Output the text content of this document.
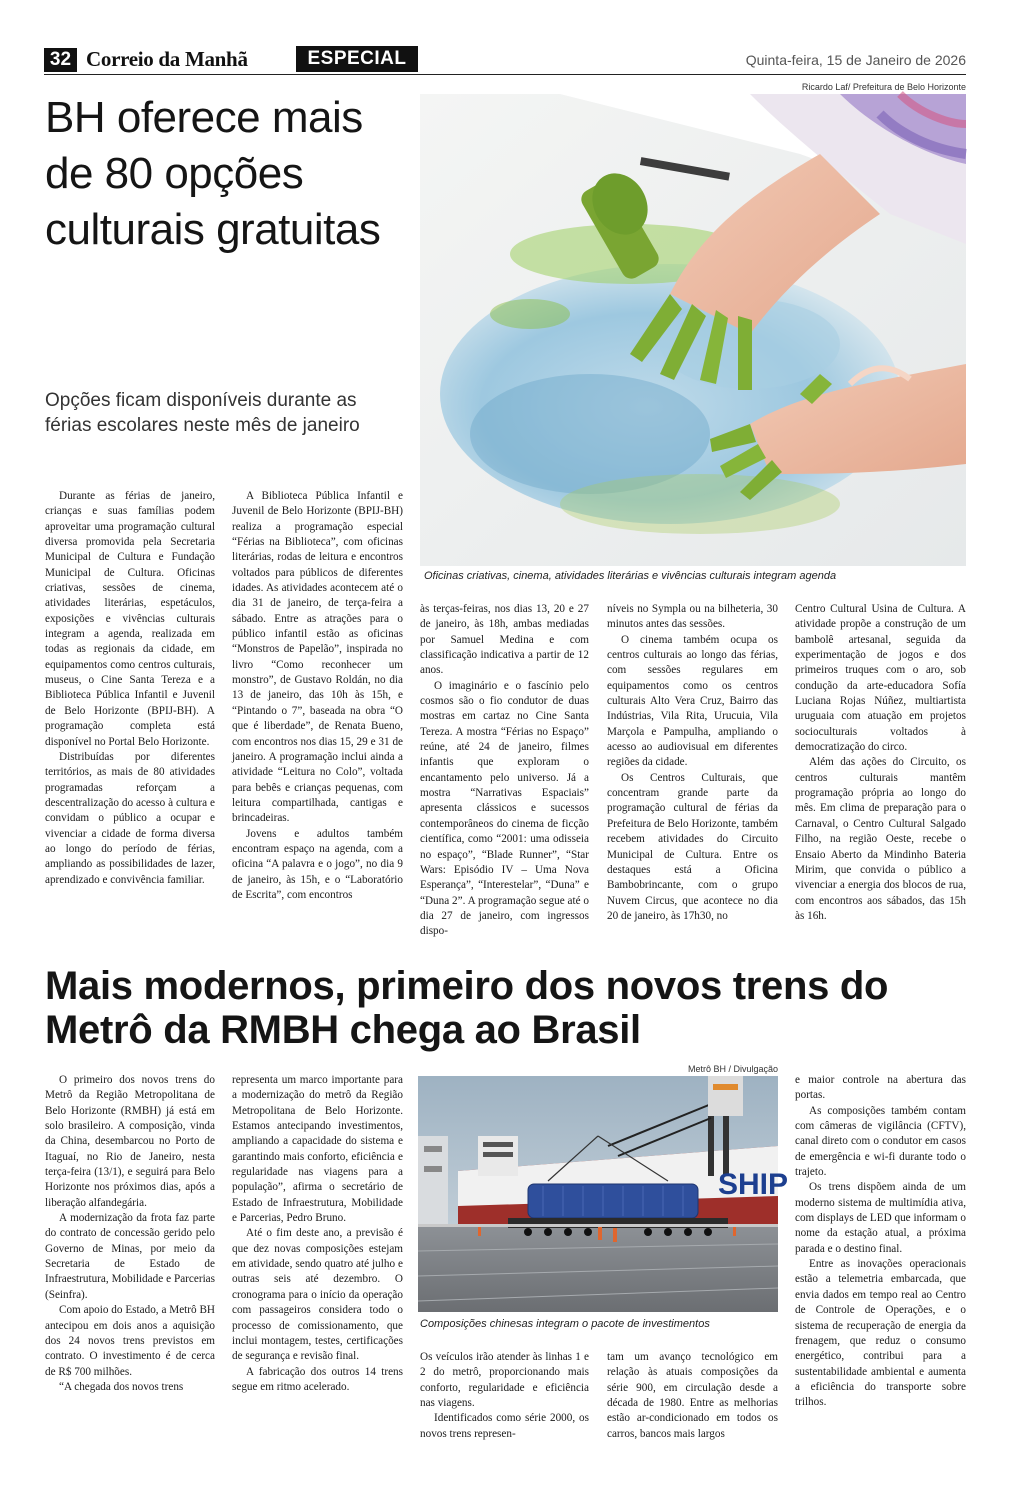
32 Correio da Manhã	ESPECIAL	Quinta-feira, 15 de Janeiro de 2026
BH oferece mais de 80 opções culturais gratuitas
Opções ficam disponíveis durante as férias escolares neste mês de janeiro
Ricardo Laf/ Prefeitura de Belo Horizonte
Oficinas criativas, cinema, atividades literárias e vivências culturais integram agenda

Durante as férias de janeiro, crianças e suas famílias podem aproveitar uma programação cultural diversa promovida pela Secretaria Municipal de Cultura e Fundação Municipal de Cultura. Oficinas criativas, sessões de cinema, atividades literárias, espetáculos, exposições e vivências culturais integram a agenda, realizada em todas as regionais da cidade, em equipamentos como centros culturais, museus, o Cine Santa Tereza e a Biblioteca Pública Infantil e Juvenil de Belo Horizonte (BPIJ-BH). A programação completa está disponível no Portal Belo Horizonte.

Distribuídas por diferentes territórios, as mais de 80 atividades programadas reforçam a descentralização do acesso à cultura e convidam o público a ocupar e vivenciar a cidade de forma diversa ao longo do período de férias, ampliando as possibilidades de lazer, aprendizado e convivência familiar.

A Biblioteca Pública Infantil e Juvenil de Belo Horizonte (BPIJ-BH) realiza a programação especial “Férias na Biblioteca”, com oficinas literárias, rodas de leitura e encontros voltados para públicos de diferentes idades. As atividades acontecem até o dia 31 de janeiro, de terça-feira a sábado. Entre as atrações para o público infantil estão as oficinas “Monstros de Papelão”, inspirada no livro “Como reconhecer um monstro”, de Gustavo Roldán, no dia 13 de janeiro, das 10h às 15h, e “Pintando o 7”, baseada na obra “O que é liberdade”, de Renata Bueno, com encontros nos dias 15, 29 e 31 de janeiro. A programação inclui ainda a atividade “Leitura no Colo”, voltada para bebês e crianças pequenas, com leitura compartilhada, cantigas e brincadeiras.

Jovens e adultos também encontram espaço na agenda, com a oficina “A palavra e o jogo”, no dia 9 de janeiro, às 15h, e o “Laboratório de Escrita”, com encontros

às terças-feiras, nos dias 13, 20 e 27 de janeiro, às 18h, ambas mediadas por Samuel Medina e com classificação indicativa a partir de 12 anos.

O imaginário e o fascínio pelo cosmos são o fio condutor de duas mostras em cartaz no Cine Santa Tereza. A mostra “Férias no Espaço” reúne, até 24 de janeiro, filmes infantis que exploram o encantamento pelo universo. Já a mostra “Narrativas Espaciais” apresenta clássicos e sucessos contemporâneos do cinema de ficção científica, como “2001: uma odisseia no espaço”, “Blade Runner”, “Star Wars: Episódio IV – Uma Nova Esperança”, “Interestelar”, “Duna” e “Duna 2”. A programação segue até o dia 27 de janeiro, com ingressos dispo-

níveis no Sympla ou na bilheteria, 30 minutos antes das sessões.

O cinema também ocupa os centros culturais ao longo das férias, com sessões regulares em equipamentos como os centros culturais Alto Vera Cruz, Bairro das Indústrias, Vila Rita, Urucuia, Vila Marçola e Pampulha, ampliando o acesso ao audiovisual em diferentes regiões da cidade.

Os Centros Culturais, que concentram grande parte da programação cultural de férias da Prefeitura de Belo Horizonte, também recebem atividades do Circuito Municipal de Cultura. Entre os destaques está a Oficina Bambobrincante, com o grupo Nuvem Circus, que acontece no dia 20 de janeiro, às 17h30, no

Centro Cultural Usina de Cultura. A atividade propõe a construção de um bambolê artesanal, seguida da experimentação de jogos e dos primeiros truques com o aro, sob condução da arte-educadora Sofía Luciana Rojas Núñez, multiartista uruguaia com atuação em projetos socioculturais voltados à democratização do circo.

Além das ações do Circuito, os centros culturais mantêm programação própria ao longo do mês. Em clima de preparação para o Carnaval, o Centro Cultural Salgado Filho, na região Oeste, recebe o Ensaio Aberto da Mindinho Bateria Mirim, que convida o público a vivenciar a energia dos blocos de rua, com encontros aos sábados, das 15h às 16h.

Mais modernos, primeiro dos novos trens do Metrô da RMBH chega ao Brasil
Metrô BH / Divulgação
SHIP
Composições chinesas integram o pacote de investimentos

O primeiro dos novos trens do Metrô da Região Metropolitana de Belo Horizonte (RMBH) já está em solo brasileiro. A composição, vinda da China, desembarcou no Porto de Itaguaí, no Rio de Janeiro, nesta terça-feira (13/1), e seguirá para Belo Horizonte nos próximos dias, após a liberação alfandegária.

A modernização da frota faz parte do contrato de concessão gerido pelo Governo de Minas, por meio da Secretaria de Estado de Infraestrutura, Mobilidade e Parcerias (Seinfra).

Com apoio do Estado, a Metrô BH antecipou em dois anos a aquisição dos 24 novos trens previstos em contrato. O investimento é de cerca de R$ 700 milhões.

“A chegada dos novos trens

representa um marco importante para a modernização do metrô da Região Metropolitana de Belo Horizonte. Estamos antecipando investimentos, ampliando a capacidade do sistema e garantindo mais conforto, eficiência e regularidade nas viagens para a população”, afirma o secretário de Estado de Infraestrutura, Mobilidade e Parcerias, Pedro Bruno.

Até o fim deste ano, a previsão é que dez novas composições estejam em atividade, sendo quatro até julho e outras seis até dezembro. O cronograma para o início da operação com passageiros considera todo o processo de comissionamento, que inclui montagem, testes, certificações de segurança e revisão final.

A fabricação dos outros 14 trens segue em ritmo acelerado.

Os veículos irão atender às linhas 1 e 2 do metrô, proporcionando mais conforto, regularidade e eficiência nas viagens.

Identificados como série 2000, os novos trens represen-

tam um avanço tecnológico em relação às atuais composições da série 900, em circulação desde a década de 1980. Entre as melhorias estão ar-condicionado em todos os carros, bancos mais largos

e maior controle na abertura das portas.

As composições também contam com câmeras de vigilância (CFTV), canal direto com o condutor em casos de emergência e wi-fi durante todo o trajeto.

Os trens dispõem ainda de um moderno sistema de multimídia ativa, com displays de LED que informam o nome da estação atual, a próxima parada e o destino final.

Entre as inovações operacionais estão a telemetria embarcada, que envia dados em tempo real ao Centro de Controle de Operações, e o sistema de recuperação de energia da frenagem, que reduz o consumo energético, contribui para a sustentabilidade ambiental e aumenta a eficiência do transporte sobre trilhos.
